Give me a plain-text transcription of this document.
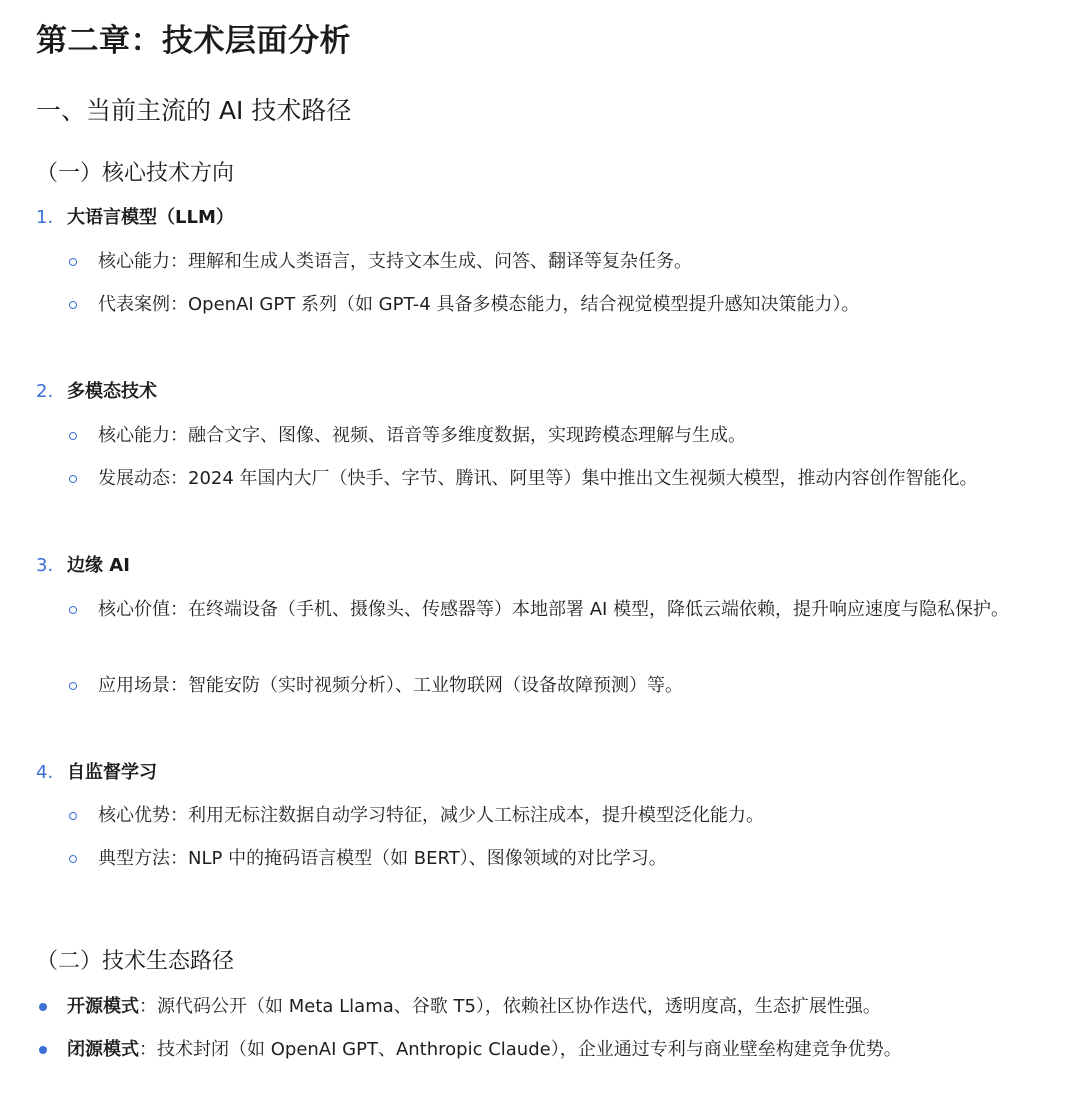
第二章：技术层面分析
一、当前主流的 AI 技术路径
（一）核心技术方向
1. 大语言模型（LLM）
核心能力：理解和生成人类语言，支持文本生成、问答、翻译等复杂任务。
代表案例：OpenAI GPT 系列（如 GPT-4 具备多模态能力，结合视觉模型提升感知决策能力）。
2. 多模态技术
核心能力：融合文字、图像、视频、语音等多维度数据，实现跨模态理解与生成。
发展动态：2024 年国内大厂（快手、字节、腾讯、阿里等）集中推出文生视频大模型，推动内容创作智能化。
3. 边缘 AI
核心价值：在终端设备（手机、摄像头、传感器等）本地部署 AI 模型，降低云端依赖，提升响应速度与隐私保护。
应用场景：智能安防（实时视频分析）、工业物联网（设备故障预测）等。
4. 自监督学习
核心优势：利用无标注数据自动学习特征，减少人工标注成本，提升模型泛化能力。
典型方法：NLP 中的掩码语言模型（如 BERT）、图像领域的对比学习。
（二）技术生态路径
开源模式：源代码公开（如 Meta Llama、谷歌 T5），依赖社区协作迭代，透明度高，生态扩展性强。
闭源模式：技术封闭（如 OpenAI GPT、Anthropic Claude），企业通过专利与商业壁垒构建竞争优势。
